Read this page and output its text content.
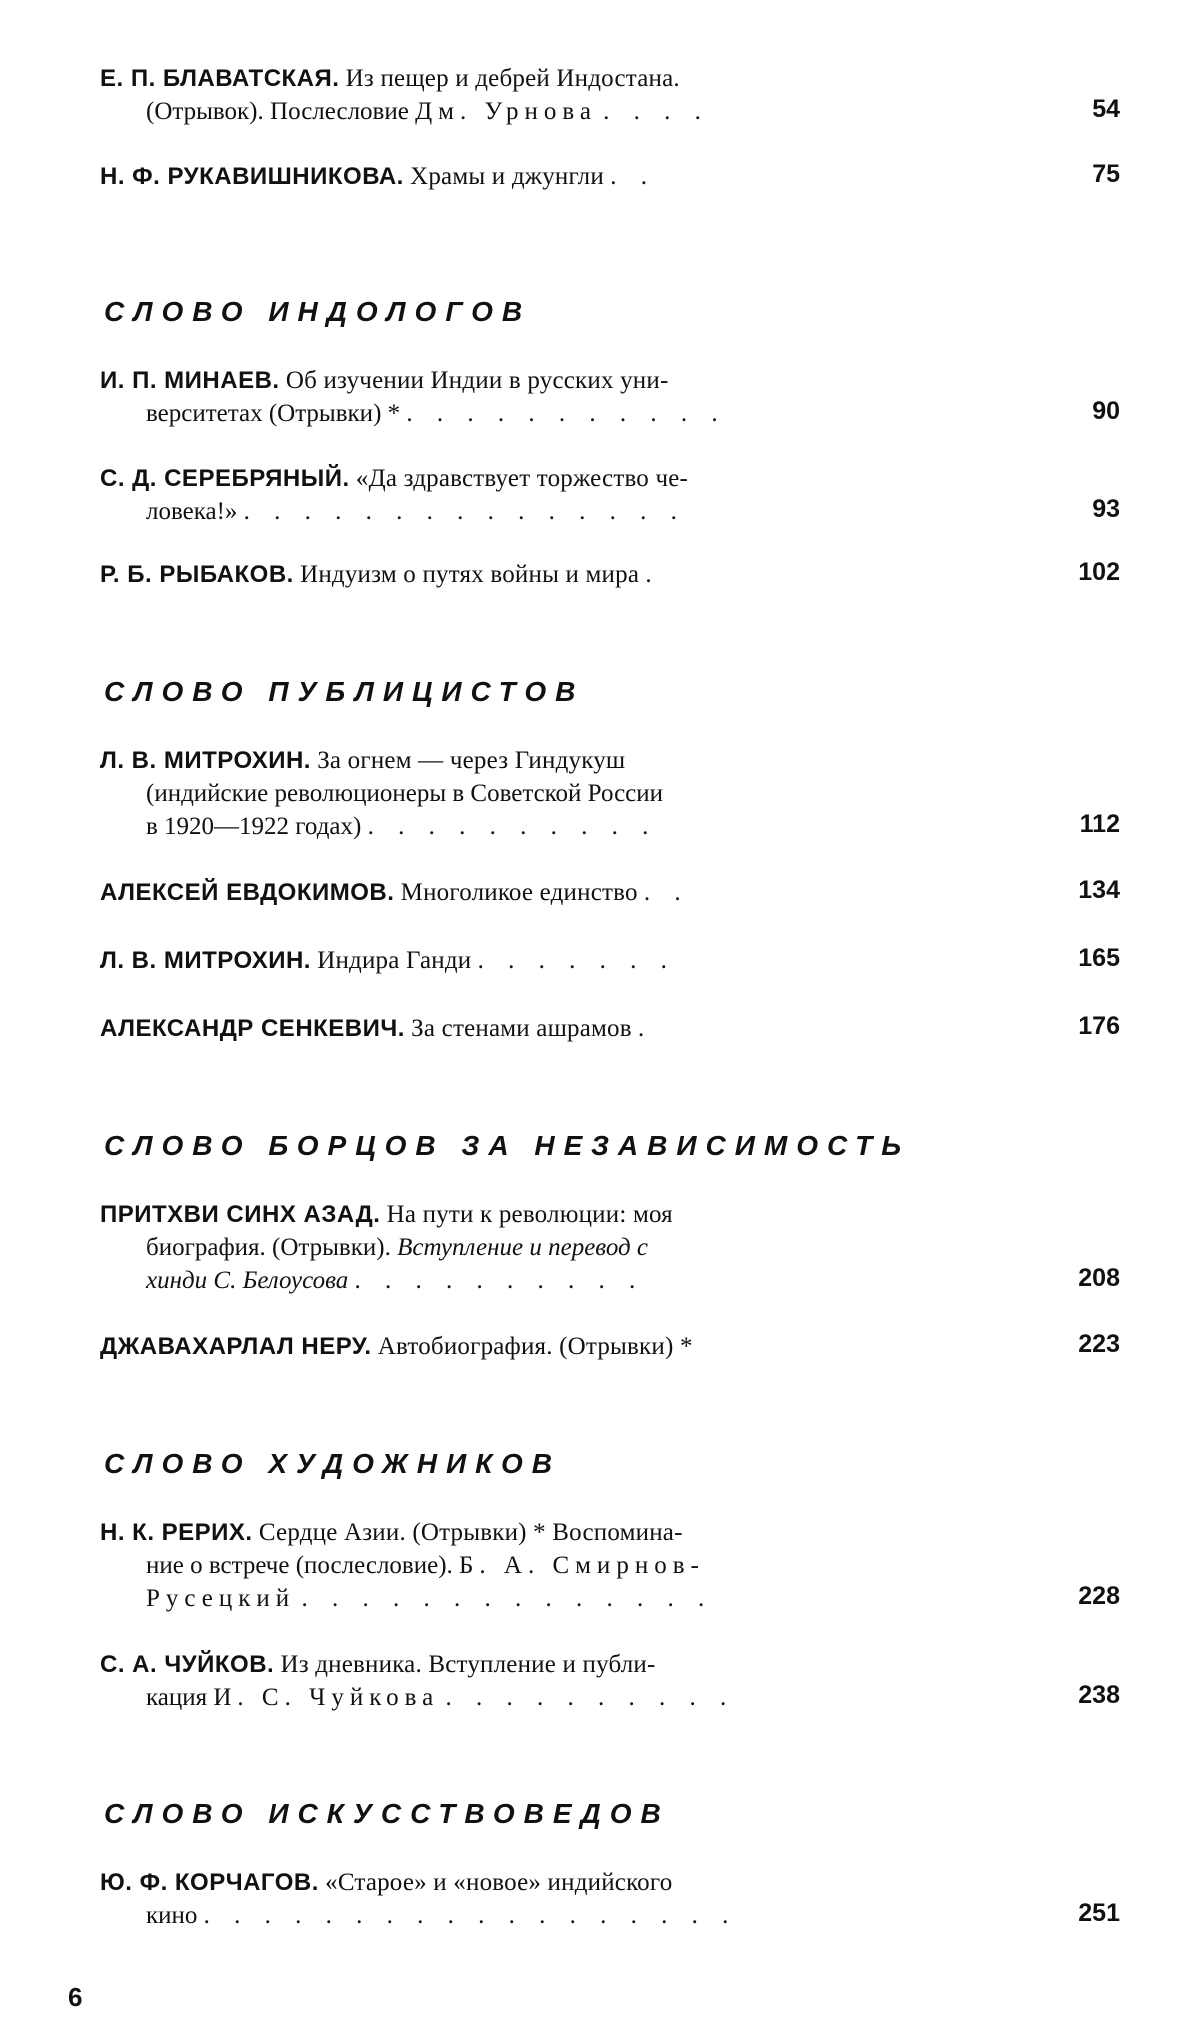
Е. П. БЛАВАТСКАЯ. Из пещер и дебрей Индостана.
(Отрывок). Послесловие Дм. Урнова . . . .	54
Н. Ф. РУКАВИШНИКОВА. Храмы и джунгли . .	75
СЛОВО ИНДОЛОГОВ
И. П. МИНАЕВ. Об изучении Индии в русских уни-
верситетах (Отрывки) * . . . . . . . . . . .	90
С. Д. СЕРЕБРЯНЫЙ. «Да здравствует торжество че-
ловека!» . . . . . . . . . . . . . . .	93
Р. Б. РЫБАКОВ. Индуизм о путях войны и мира .	102
СЛОВО ПУБЛИЦИСТОВ
Л. В. МИТРОХИН. За огнем — через Гиндукуш
(индийские революционеры в Советской России
в 1920—1922 годах) . . . . . . . . . .	112
АЛЕКСЕЙ ЕВДОКИМОВ. Многоликое единство . .	134
Л. В. МИТРОХИН. Индира Ганди . . . . . . .	165
АЛЕКСАНДР СЕНКЕВИЧ. За стенами ашрамов .	176
СЛОВО БОРЦОВ ЗА НЕЗАВИСИМОСТЬ
ПРИТХВИ СИНХ АЗАД. На пути к революции: моя
биография. (Отрывки). Вступление и перевод с
хинди С. Белоусова . . . . . . . . . .	208
ДЖАВАХАРЛАЛ НЕРУ. Автобиография. (Отрывки) *	223
СЛОВО ХУДОЖНИКОВ
Н. К. РЕРИХ. Сердце Азии. (Отрывки) * Воспомина-
ние о встрече (послесловие). Б. А. Смирнов-
Русецкий . . . . . . . . . . . . . .	228
С. А. ЧУЙКОВ. Из дневника. Вступление и публи-
кация И. С. Чуйкова . . . . . . . . . .	238
СЛОВО ИСКУССТВОВЕДОВ
Ю. Ф. КОРЧАГОВ. «Старое» и «новое» индийского
кино . . . . . . . . . . . . . . . . . .	251
6
